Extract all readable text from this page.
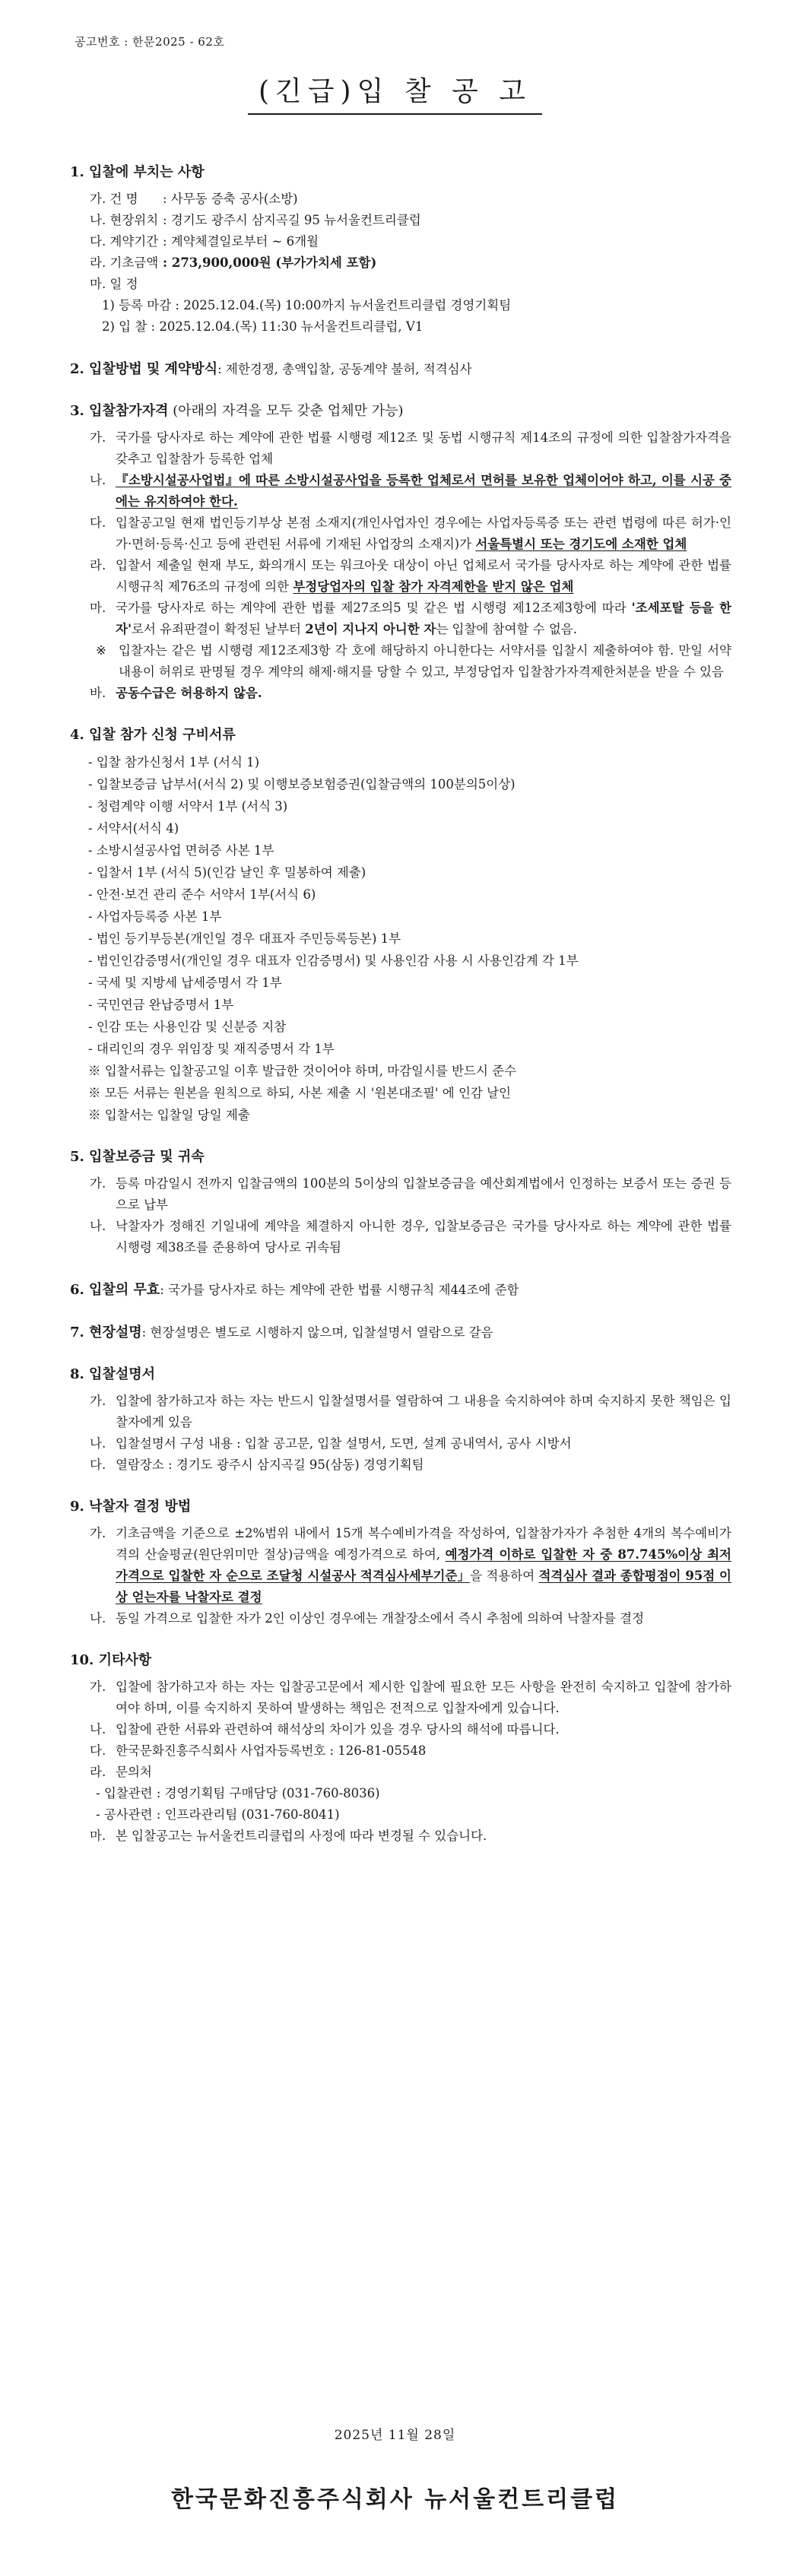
공고번호 : 한문2025 - 62호
(긴급)입 찰 공 고
1. 입찰에 부치는 사항
가. 건 명	: 사무동 증축 공사(소방)
나. 현장위치 : 경기도 광주시 삼지곡길 95 뉴서울컨트리클럽
다. 계약기간 : 계약체결일로부터 ~ 6개월
라. 기초금액 : 273,900,000원 (부가가치세 포함)
마. 일 정
1) 등록 마감 : 2025.12.04.(목) 10:00까지 뉴서울컨트리클럽 경영기획팀
2) 입 찰 : 2025.12.04.(목) 11:30 뉴서울컨트리클럽, V1
2. 입찰방법 및 계약방식 : 제한경쟁, 총액입찰, 공동계약 불허, 적격심사
3. 입찰참가자격 (아래의 자격을 모두 갖춘 업체만 가능)
가. 국가를 당사자로 하는 계약에 관한 법률 시행령 제12조 및 동법 시행규칙 제14조의 규정에 의한 입찰참가자격을 갖추고 입찰참가 등록한 업체
나. 『소방시설공사업법』에 따른 소방시설공사업을 등록한 업체로서 면허를 보유한 업체이어야 하고, 이를 시공 중에는 유지하여야 한다.
다. 입찰공고일 현재 법인등기부상 본점 소재지(개인사업자인 경우에는 사업자등록증 또는 관련 법령에 따른 허가·인가·면허·등록·신고 등에 관련된 서류에 기재된 사업장의 소재지)가 서울특별시 또는 경기도에 소재한 업체
라. 입찰서 제출일 현재 부도, 화의개시 또는 워크아웃 대상이 아닌 업체로서 국가를 당사자로 하는 계약에 관한 법률 시행규칙 제76조의 규정에 의한 부정당업자의 입찰 참가 자격제한을 받지 않은 업체
마. 국가를 당사자로 하는 계약에 관한 법률 제27조의5 및 같은 법 시행령 제12조제3항에 따라 '조세포탈 등을 한 자'로서 유죄판결이 확정된 날부터 2년이 지나지 아니한 자는 입찰에 참여할 수 없음.
※ 입찰자는 같은 법 시행령 제12조제3항 각 호에 해당하지 아니한다는 서약서를 입찰시 제출하여야 함. 만일 서약내용이 허위로 판명될 경우 계약의 해제·해지를 당할 수 있고, 부정당업자 입찰참가자격제한처분을 받을 수 있음
바. 공동수급은 허용하지 않음.
4. 입찰 참가 신청 구비서류
- 입찰 참가신청서 1부 (서식 1)
- 입찰보증금 납부서(서식 2) 및 이행보증보험증권(입찰금액의 100분의5이상)
- 청렴계약 이행 서약서 1부 (서식 3)
- 서약서(서식 4)
- 소방시설공사업 면허증 사본 1부
- 입찰서 1부 (서식 5)(인감 날인 후 밀봉하여 제출)
- 안전·보건 관리 준수 서약서 1부(서식 6)
- 사업자등록증 사본 1부
- 법인 등기부등본(개인일 경우 대표자 주민등록등본) 1부
- 법인인감증명서(개인일 경우 대표자 인감증명서) 및 사용인감 사용 시 사용인감계 각 1부
- 국세 및 지방세 납세증명서 각 1부
- 국민연금 완납증명서 1부
- 인감 또는 사용인감 및 신분증 지참
- 대리인의 경우 위임장 및 재직증명서 각 1부
※ 입찰서류는 입찰공고일 이후 발급한 것이어야 하며, 마감일시를 반드시 준수
※ 모든 서류는 원본을 원칙으로 하되, 사본 제출 시 '원본대조필' 에 인감 날인
※ 입찰서는 입찰일 당일 제출
5. 입찰보증금 및 귀속
가. 등록 마감일시 전까지 입찰금액의 100분의 5이상의 입찰보증금을 예산회계법에서 인정하는 보증서 또는 증권 등으로 납부
나. 낙찰자가 정해진 기일내에 계약을 체결하지 아니한 경우, 입찰보증금은 국가를 당사자로 하는 계약에 관한 법률 시행령 제38조를 준용하여 당사로 귀속됨
6. 입찰의 무효 : 국가를 당사자로 하는 계약에 관한 법률 시행규칙 제44조에 준함
7. 현장설명 : 현장설명은 별도로 시행하지 않으며, 입찰설명서 열람으로 갈음
8. 입찰설명서
가. 입찰에 참가하고자 하는 자는 반드시 입찰설명서를 열람하여 그 내용을 숙지하여야 하며 숙지하지 못한 책임은 입찰자에게 있음
나. 입찰설명서 구성 내용 : 입찰 공고문, 입찰 설명서, 도면, 설계 공내역서, 공사 시방서
다. 열람장소 : 경기도 광주시 삼지곡길 95(삼동) 경영기획팀
9. 낙찰자 결정 방법
가. 기초금액을 기준으로 ±2%범위 내에서 15개 복수예비가격을 작성하여, 입찰참가자가 추첨한 4개의 복수예비가격의 산술평균(원단위미만 절상)금액을 예정가격으로 하여, 예정가격 이하로 입찰한 자 중 87.745%이상 최저가격으로 입찰한 자 순으로 조달청 시설공사 적격심사세부기준」을 적용하여 적격심사 결과 종합평점이 95점 이상 얻는자를 낙찰자로 결정
나. 동일 가격으로 입찰한 자가 2인 이상인 경우에는 개찰장소에서 즉시 추첨에 의하여 낙찰자를 결정
10. 기타사항
가. 입찰에 참가하고자 하는 자는 입찰공고문에서 제시한 입찰에 필요한 모든 사항을 완전히 숙지하고 입찰에 참가하여야 하며, 이를 숙지하지 못하여 발생하는 책임은 전적으로 입찰자에게 있습니다.
나. 입찰에 관한 서류와 관련하여 해석상의 차이가 있을 경우 당사의 해석에 따릅니다.
다. 한국문화진흥주식회사 사업자등록번호 : 126-81-05548
라. 문의처
- 입찰관련 : 경영기획팀 구매담당 (031-760-8036)
- 공사관련 : 인프라관리팀 (031-760-8041)
마. 본 입찰공고는 뉴서울컨트리클럽의 사정에 따라 변경될 수 있습니다.
2025년 11월 28일
한국문화진흥주식회사 뉴서울컨트리클럽
